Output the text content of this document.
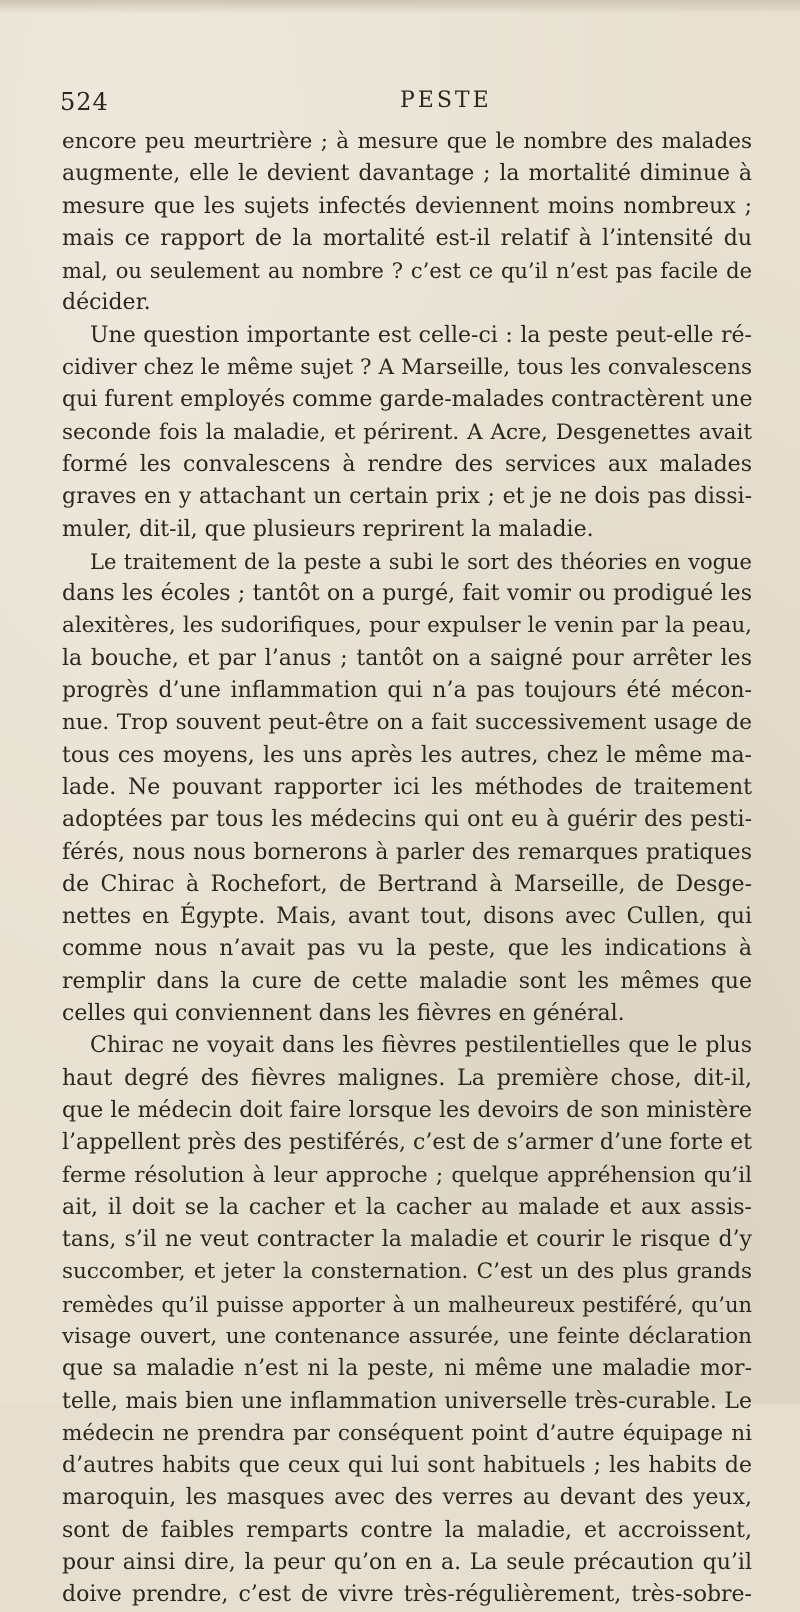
524	PESTE
encore peu meurtrière ; à mesure que le nombre des malades
augmente, elle le devient davantage ; la mortalité diminue à
mesure que les sujets infectés deviennent moins nombreux ;
mais ce rapport de la mortalité est-il relatif à l’intensité du
mal, ou seulement au nombre ? c’est ce qu’il n’est pas facile de
décider.
Une question importante est celle-ci : la peste peut-elle ré-
cidiver chez le même sujet ? A Marseille, tous les convalescens
qui furent employés comme garde-malades contractèrent une
seconde fois la maladie, et périrent. A Acre, Desgenettes avait
formé les convalescens à rendre des services aux malades
graves en y attachant un certain prix ; et je ne dois pas dissi-
muler, dit-il, que plusieurs reprirent la maladie.
Le traitement de la peste a subi le sort des théories en vogue
dans les écoles ; tantôt on a purgé, fait vomir ou prodigué les
alexitères, les sudorifiques, pour expulser le venin par la peau,
la bouche, et par l’anus ; tantôt on a saigné pour arrêter les
progrès d’une inflammation qui n’a pas toujours été mécon-
nue. Trop souvent peut-être on a fait successivement usage de
tous ces moyens, les uns après les autres, chez le même ma-
lade. Ne pouvant rapporter ici les méthodes de traitement
adoptées par tous les médecins qui ont eu à guérir des pesti-
férés, nous nous bornerons à parler des remarques pratiques
de Chirac à Rochefort, de Bertrand à Marseille, de Desge-
nettes en Égypte. Mais, avant tout, disons avec Cullen, qui
comme nous n’avait pas vu la peste, que les indications à
remplir dans la cure de cette maladie sont les mêmes que
celles qui conviennent dans les fièvres en général.
Chirac ne voyait dans les fièvres pestilentielles que le plus
haut degré des fièvres malignes. La première chose, dit-il,
que le médecin doit faire lorsque les devoirs de son ministère
l’appellent près des pestiférés, c’est de s’armer d’une forte et
ferme résolution à leur approche ; quelque appréhension qu’il
ait, il doit se la cacher et la cacher au malade et aux assis-
tans, s’il ne veut contracter la maladie et courir le risque d’y
succomber, et jeter la consternation. C’est un des plus grands
remèdes qu’il puisse apporter à un malheureux pestiféré, qu’un
visage ouvert, une contenance assurée, une feinte déclaration
que sa maladie n’est ni la peste, ni même une maladie mor-
telle, mais bien une inflammation universelle très-curable. Le
médecin ne prendra par conséquent point d’autre équipage ni
d’autres habits que ceux qui lui sont habituels ; les habits de
maroquin, les masques avec des verres au devant des yeux,
sont de faibles remparts contre la maladie, et accroissent,
pour ainsi dire, la peur qu’on en a. La seule précaution qu’il
doive prendre, c’est de vivre très-régulièrement, très-sobre-
